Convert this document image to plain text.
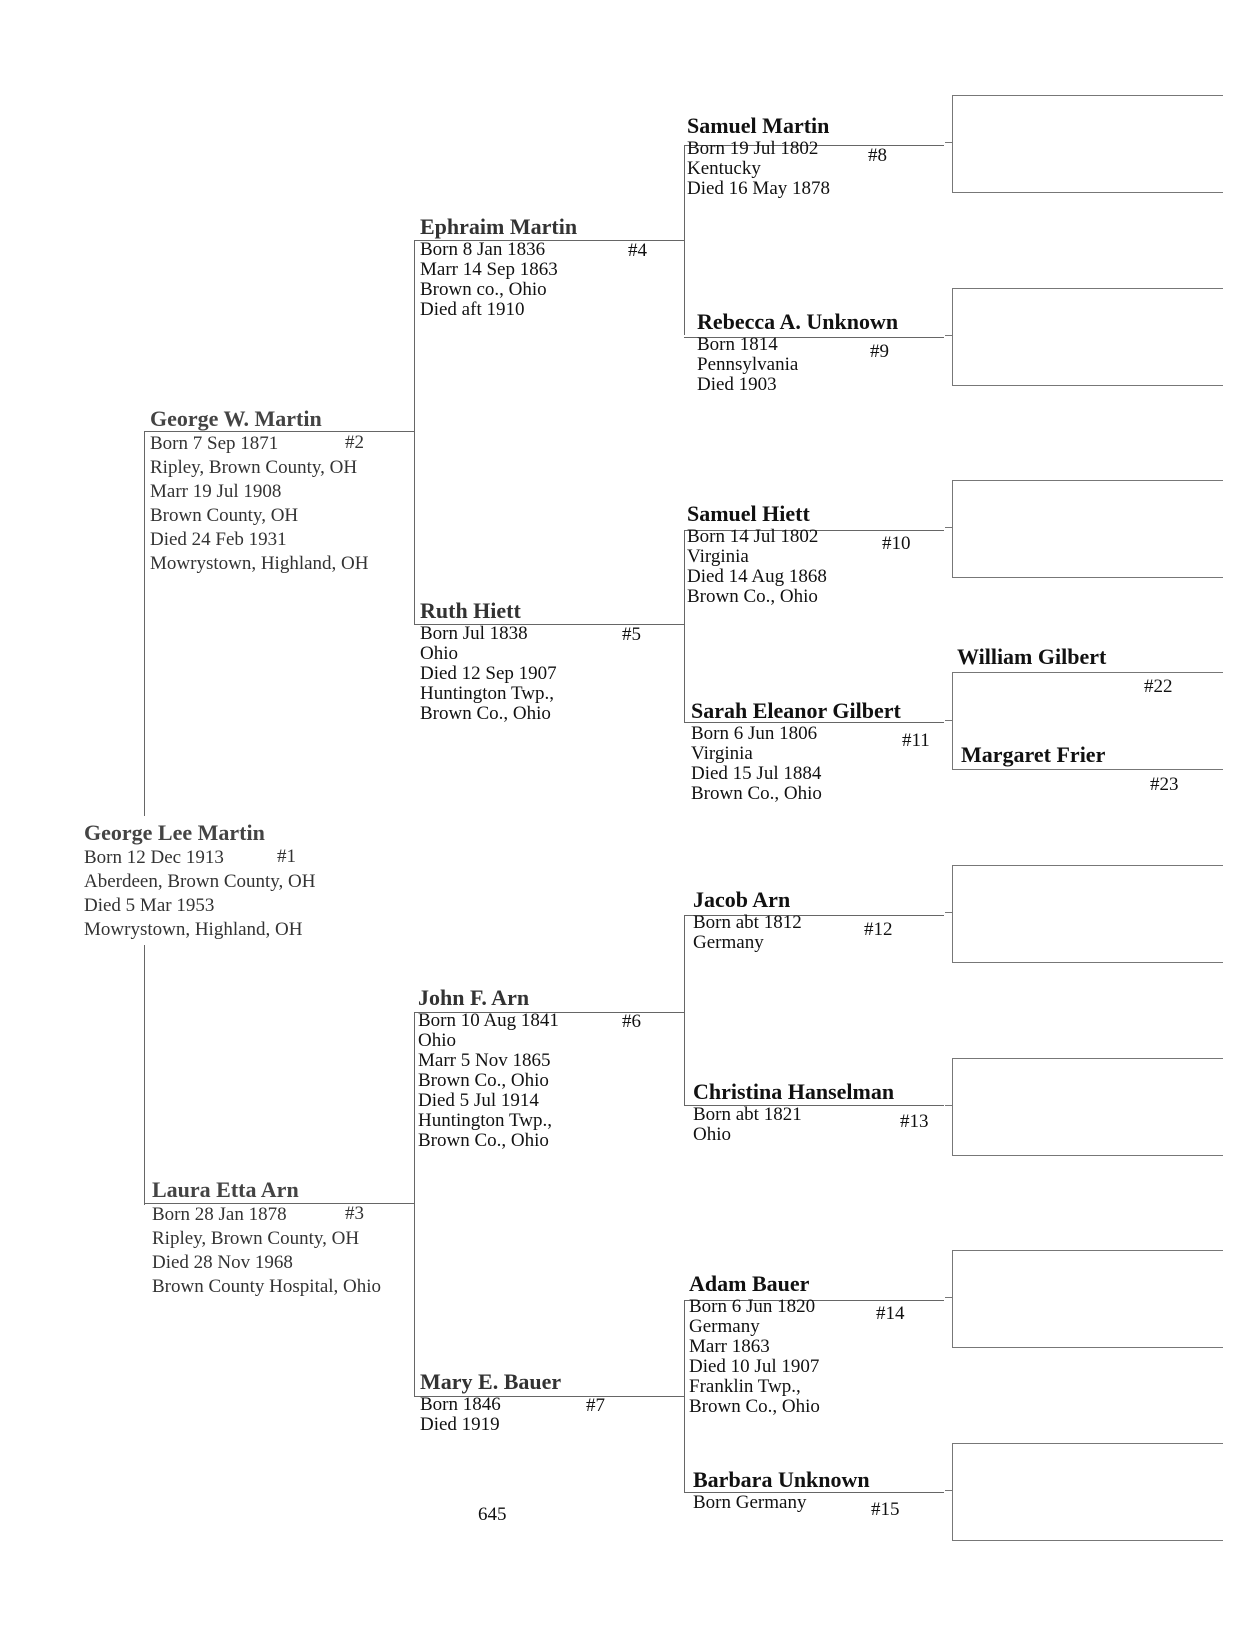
George Lee Martin
Born 12 Dec 1913
Aberdeen, Brown County, OH
Died 5 Mar 1953
Mowrystown, Highland, OH
#1
George W. Martin
Born 7 Sep 1871
Ripley, Brown County, OH
Marr 19 Jul 1908
Brown County, OH
Died 24 Feb 1931
Mowrystown, Highland, OH
#2
Laura Etta Arn
Born 28 Jan 1878
Ripley, Brown County, OH
Died 28 Nov 1968
Brown County Hospital, Ohio
#3
Ephraim Martin
Born 8 Jan 1836
Marr 14 Sep 1863
Brown co., Ohio
Died aft 1910
#4
Ruth Hiett
Born Jul 1838
Ohio
Died 12 Sep 1907
Huntington Twp.,
Brown Co., Ohio
#5
John F. Arn
Born 10 Aug 1841
Ohio
Marr 5 Nov 1865
Brown Co., Ohio
Died 5 Jul 1914
Huntington Twp.,
Brown Co., Ohio
#6
Mary E. Bauer
Born 1846
Died 1919
#7
Samuel Martin
Born 19 Jul 1802
Kentucky
Died 16 May 1878
#8
Rebecca A. Unknown
Born 1814
Pennsylvania
Died 1903
#9
Samuel Hiett
Born 14 Jul 1802
Virginia
Died 14 Aug 1868
Brown Co., Ohio
#10
Sarah Eleanor Gilbert
Born 6 Jun 1806
Virginia
Died 15 Jul 1884
Brown Co., Ohio
#11
Jacob Arn
Born abt 1812
Germany
#12
Christina Hanselman
Born abt 1821
Ohio
#13
Adam Bauer
Born 6 Jun 1820
Germany
Marr 1863
Died 10 Jul 1907
Franklin Twp.,
Brown Co., Ohio
#14
Barbara Unknown
Born Germany	#15
William Gilbert
#22
Margaret Frier
#23
645
